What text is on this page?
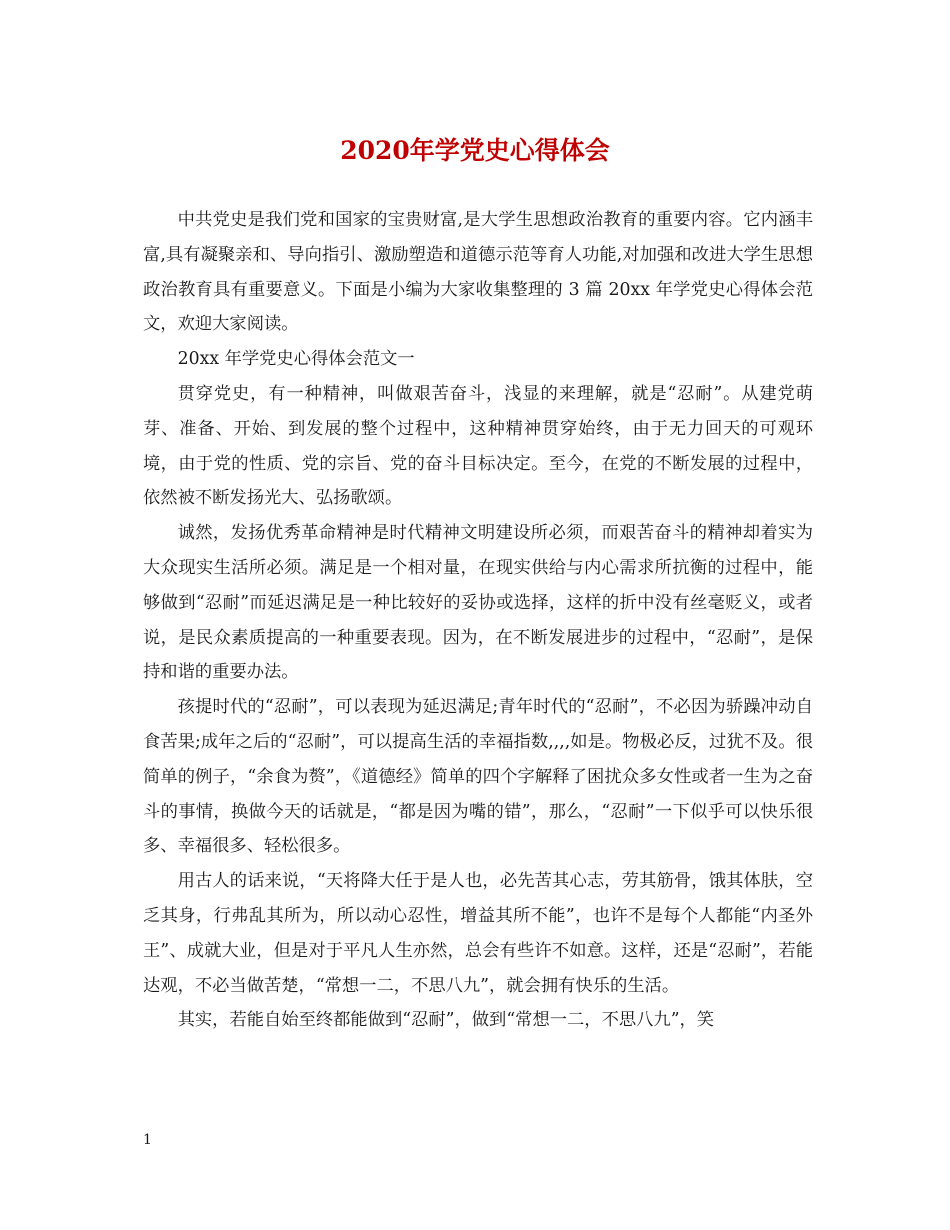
2020年学党史心得体会

中共党史是我们党和国家的宝贵财富,是大学生思想政治教育的重要内容。它内涵丰富,具有凝聚亲和、导向指引、激励塑造和道德示范等育人功能,对加强和改进大学生思想政治教育具有重要意义。下面是小编为大家收集整理的 3 篇 20xx 年学党史心得体会范文，欢迎大家阅读。

20xx 年学党史心得体会范文一

贯穿党史，有一种精神，叫做艰苦奋斗，浅显的来理解，就是“忍耐”。从建党萌芽、准备、开始、到发展的整个过程中，这种精神贯穿始终，由于无力回天的可观环境，由于党的性质、党的宗旨、党的奋斗目标决定。至今，在党的不断发展的过程中，依然被不断发扬光大、弘扬歌颂。

诚然，发扬优秀革命精神是时代精神文明建设所必须，而艰苦奋斗的精神却着实为大众现实生活所必须。满足是一个相对量，在现实供给与内心需求所抗衡的过程中，能够做到“忍耐”而延迟满足是一种比较好的妥协或选择，这样的折中没有丝毫贬义，或者说，是民众素质提高的一种重要表现。因为，在不断发展进步的过程中，“忍耐”，是保持和谐的重要办法。

孩提时代的“忍耐”，可以表现为延迟满足;青年时代的“忍耐”，不必因为骄躁冲动自食苦果;成年之后的“忍耐”，可以提高生活的幸福指数,,,,如是。物极必反，过犹不及。很简单的例子，“余食为赘”，《道德经》简单的四个字解释了困扰众多女性或者一生为之奋斗的事情，换做今天的话就是，“都是因为嘴的错”，那么，“忍耐”一下似乎可以快乐很多、幸福很多、轻松很多。

用古人的话来说，“天将降大任于是人也，必先苦其心志，劳其筋骨，饿其体肤，空乏其身，行弗乱其所为，所以动心忍性，增益其所不能”，也许不是每个人都能“内圣外王”、成就大业，但是对于平凡人生亦然，总会有些许不如意。这样，还是“忍耐”，若能达观，不必当做苦楚，“常想一二，不思八九”，就会拥有快乐的生活。

其实，若能自始至终都能做到“忍耐”，做到“常想一二，不思八九”，笑

1
